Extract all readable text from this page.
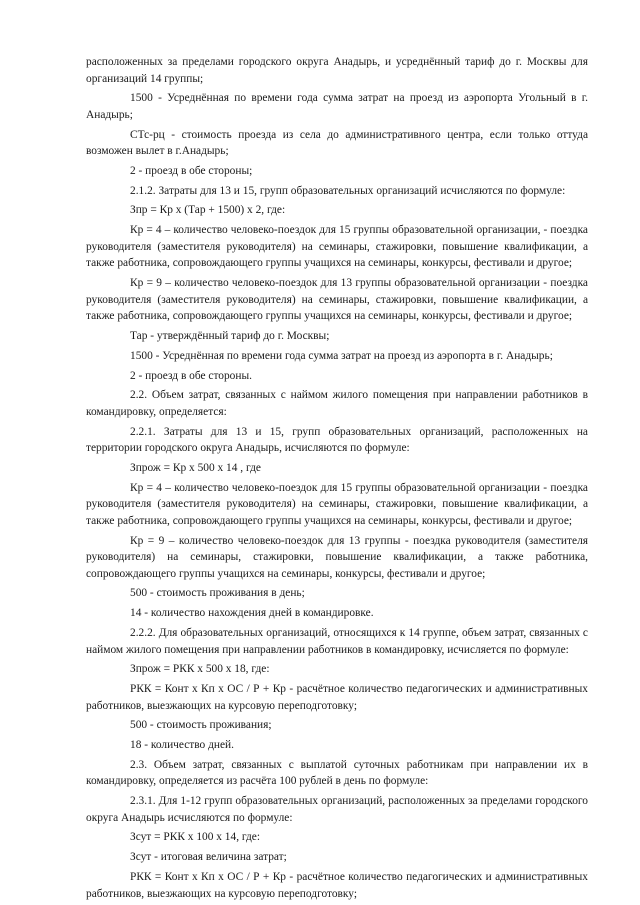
расположенных за пределами городского округа Анадырь, и усреднённый тариф до г. Москвы для организаций 14 группы;

1500 - Усреднённая по времени года сумма затрат на проезд из аэропорта Угольный в г. Анадырь;

СТс-рц - стоимость проезда из села до административного центра, если только оттуда возможен вылет в г.Анадырь;

2 - проезд в обе стороны;

2.1.2. Затраты для 13 и 15, групп образовательных организаций исчисляются по формуле:

Зпр = Кр х (Тар + 1500) х 2, где:

Кр = 4 – количество человеко-поездок для 15 группы образовательной организации, - поездка руководителя (заместителя руководителя) на семинары, стажировки, повышение квалификации, а также работника, сопровождающего группы учащихся на семинары, конкурсы, фестивали и другое;

Кр = 9 – количество человеко-поездок для 13 группы образовательной организации - поездка руководителя (заместителя руководителя) на семинары, стажировки, повышение квалификации, а также работника, сопровождающего группы учащихся на семинары, конкурсы, фестивали и другое;

Тар - утверждённый тариф до г. Москвы;

1500 - Усреднённая по времени года сумма затрат на проезд из аэропорта в г. Анадырь;

2 - проезд в обе стороны.

2.2. Объем затрат, связанных с наймом жилого помещения при направлении работников в командировку, определяется:

2.2.1. Затраты для 13 и 15, групп образовательных организаций, расположенных на территории городского округа Анадырь, исчисляются по формуле:

Зпрож = Кр х 500 х 14 , где

Кр = 4 – количество человеко-поездок для 15 группы образовательной организации - поездка руководителя (заместителя руководителя) на семинары, стажировки, повышение квалификации, а также работника, сопровождающего группы учащихся на семинары, конкурсы, фестивали и другое;

Кр = 9 – количество человеко-поездок для 13 группы - поездка руководителя (заместителя руководителя) на семинары, стажировки, повышение квалификации, а также работника, сопровождающего группы учащихся на семинары, конкурсы, фестивали и другое;

500 - стоимость проживания в день;

14 - количество нахождения дней в командировке.

2.2.2. Для образовательных организаций, относящихся к 14 группе, объем затрат, связанных с наймом жилого помещения при направлении работников в командировку, исчисляется по формуле:

Зпрож = РКК х 500 х 18, где:

РКК = Конт х Кп х ОС / Р + Кр - расчётное количество педагогических и административных работников, выезжающих на курсовую переподготовку;

500 - стоимость проживания;

18 - количество дней.

2.3. Объем затрат, связанных с выплатой суточных работникам при направлении их в командировку, определяется из расчёта 100 рублей в день по формуле:

2.3.1. Для 1-12 групп образовательных организаций, расположенных за пределами городского округа Анадырь исчисляются по формуле:

Зсут = РКК х 100 х 14, где:

Зсут - итоговая величина затрат;

РКК = Конт х Кп х ОС / Р + Кр - расчётное количество педагогических и административных работников, выезжающих на курсовую переподготовку;
